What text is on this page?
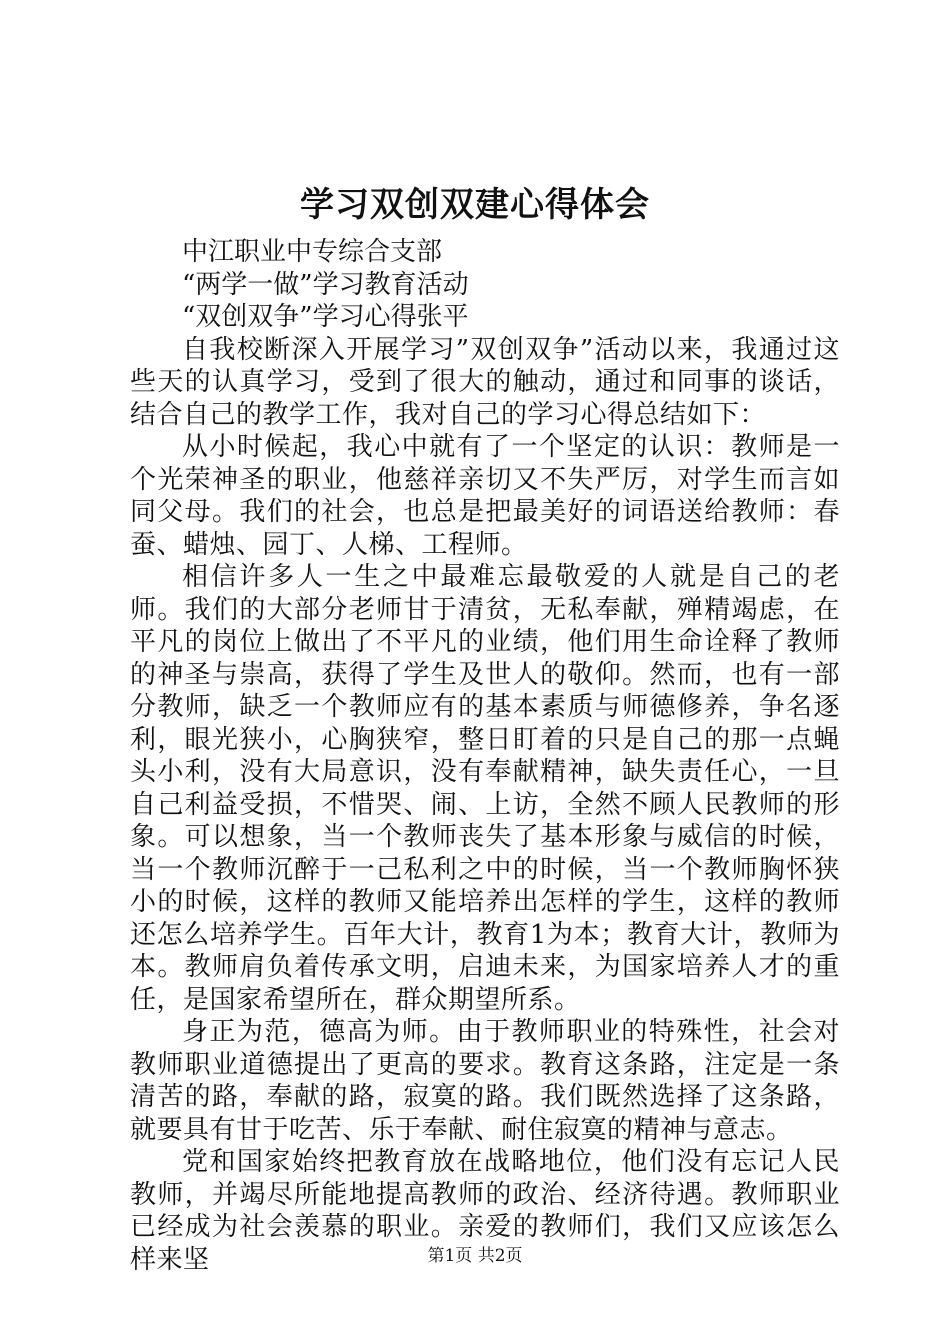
学习双创双建心得体会

中江职业中专综合支部

“两学一做”学习教育活动

“双创双争”学习心得张平

自我校断深入开展学习”双创双争”活动以来，我通过这些天的认真学习，受到了很大的触动，通过和同事的谈话，结合自己的教学工作，我对自己的学习心得总结如下：

从小时候起，我心中就有了一个坚定的认识：教师是一个光荣神圣的职业，他慈祥亲切又不失严厉，对学生而言如同父母。我们的社会，也总是把最美好的词语送给教师：春蚕、蜡烛、园丁、人梯、工程师。

相信许多人一生之中最难忘最敬爱的人就是自己的老师。我们的大部分老师甘于清贫，无私奉献，殚精竭虑，在平凡的岗位上做出了不平凡的业绩，他们用生命诠释了教师的神圣与崇高，获得了学生及世人的敬仰。然而，也有一部分教师，缺乏一个教师应有的基本素质与师德修养，争名逐利，眼光狭小，心胸狭窄，整日盯着的只是自己的那一点蝇头小利，没有大局意识，没有奉献精神，缺失责任心，一旦自己利益受损，不惜哭、闹、上访，全然不顾人民教师的形象。可以想象，当一个教师丧失了基本形象与威信的时候，当一个教师沉醉于一己私利之中的时候，当一个教师胸怀狭小的时候，这样的教师又能培养出怎样的学生，这样的教师还怎么培养学生。百年大计，教育1为本；教育大计，教师为本。教师肩负着传承文明，启迪未来，为国家培养人才的重任，是国家希望所在，群众期望所系。

身正为范，德高为师。由于教师职业的特殊性，社会对教师职业道德提出了更高的要求。教育这条路，注定是一条清苦的路，奉献的路，寂寞的路。我们既然选择了这条路，就要具有甘于吃苦、乐于奉献、耐住寂寞的精神与意志。

党和国家始终把教育放在战略地位，他们没有忘记人民教师，并竭尽所能地提高教师的政治、经济待遇。教师职业已经成为社会羡慕的职业。亲爱的教师们，我们又应该怎么样来坚	第1页 共2页
